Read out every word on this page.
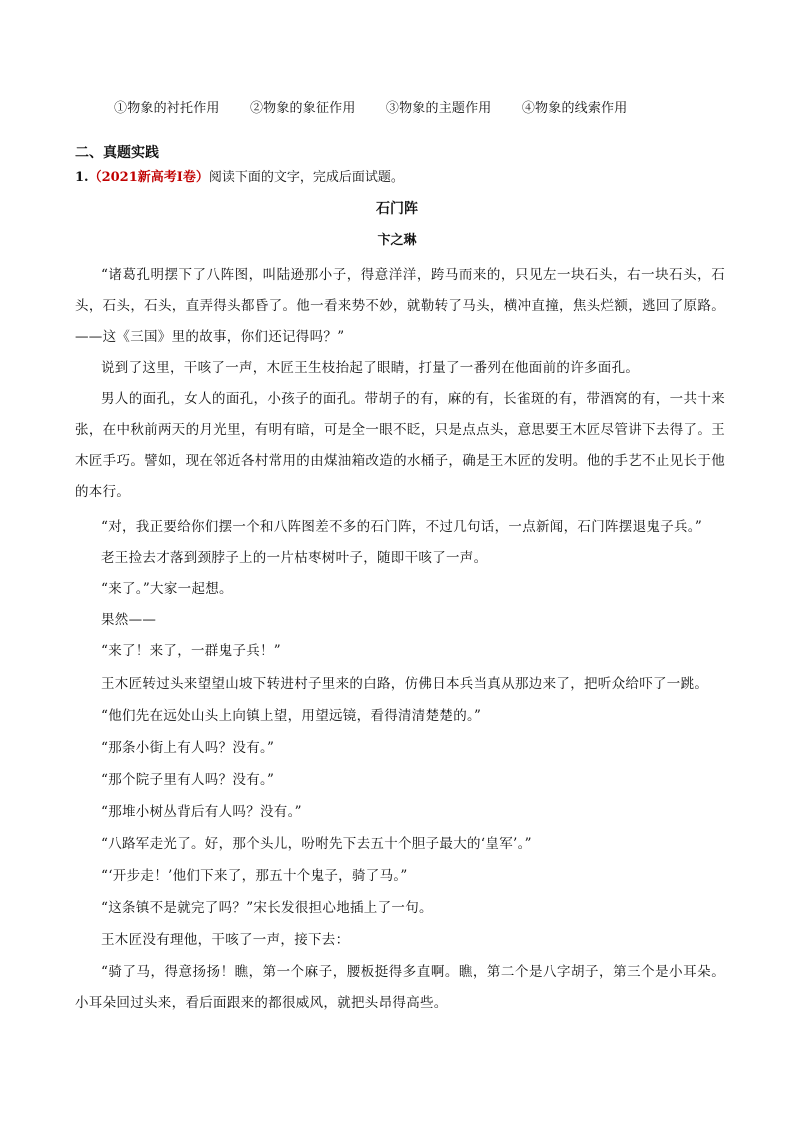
①物象的衬托作用 ②物象的象征作用 ③物象的主题作用 ④物象的线索作用
二、真题实践
1.（2021新高考Ⅰ卷）阅读下面的文字，完成后面试题。
石门阵
卞之琳
“诸葛孔明摆下了八阵图，叫陆逊那小子，得意洋洋，跨马而来的，只见左一块石头，右一块石头，石头，石头，石头，直弄得头都昏了。他一看来势不妙，就勒转了马头，横冲直撞，焦头烂额，逃回了原路。——这《三国》里的故事，你们还记得吗？”
说到了这里，干咳了一声，木匠王生枝抬起了眼睛，打量了一番列在他面前的许多面孔。
男人的面孔，女人的面孔，小孩子的面孔。带胡子的有，麻的有，长雀斑的有，带酒窝的有，一共十来张，在中秋前两天的月光里，有明有暗，可是全一眼不眨，只是点点头，意思要王木匠尽管讲下去得了。王木匠手巧。譬如，现在邻近各村常用的由煤油箱改造的水桶子，确是王木匠的发明。他的手艺不止见长于他的本行。
“对，我正要给你们摆一个和八阵图差不多的石门阵，不过几句话，一点新闻，石门阵摆退鬼子兵。”
老王捡去才落到颈脖子上的一片枯枣树叶子，随即干咳了一声。
“来了。”大家一起想。
果然——
“来了！来了，一群鬼子兵！”
王木匠转过头来望望山坡下转进村子里来的白路，仿佛日本兵当真从那边来了，把听众给吓了一跳。
“他们先在远处山头上向镇上望，用望远镜，看得清清楚楚的。”
“那条小街上有人吗？没有。”
“那个院子里有人吗？没有。”
“那堆小树丛背后有人吗？没有。”
“八路军走光了。好，那个头儿，吩咐先下去五十个胆子最大的‘皇军’。”
“‘开步走！’他们下来了，那五十个鬼子，骑了马。”
“这条镇不是就完了吗？”宋长发很担心地插上了一句。
王木匠没有理他，干咳了一声，接下去：
“骑了马，得意扬扬！瞧，第一个麻子，腰板挺得多直啊。瞧，第二个是八字胡子，第三个是小耳朵。小耳朵回过头来，看后面跟来的都很威风，就把头昂得高些。
